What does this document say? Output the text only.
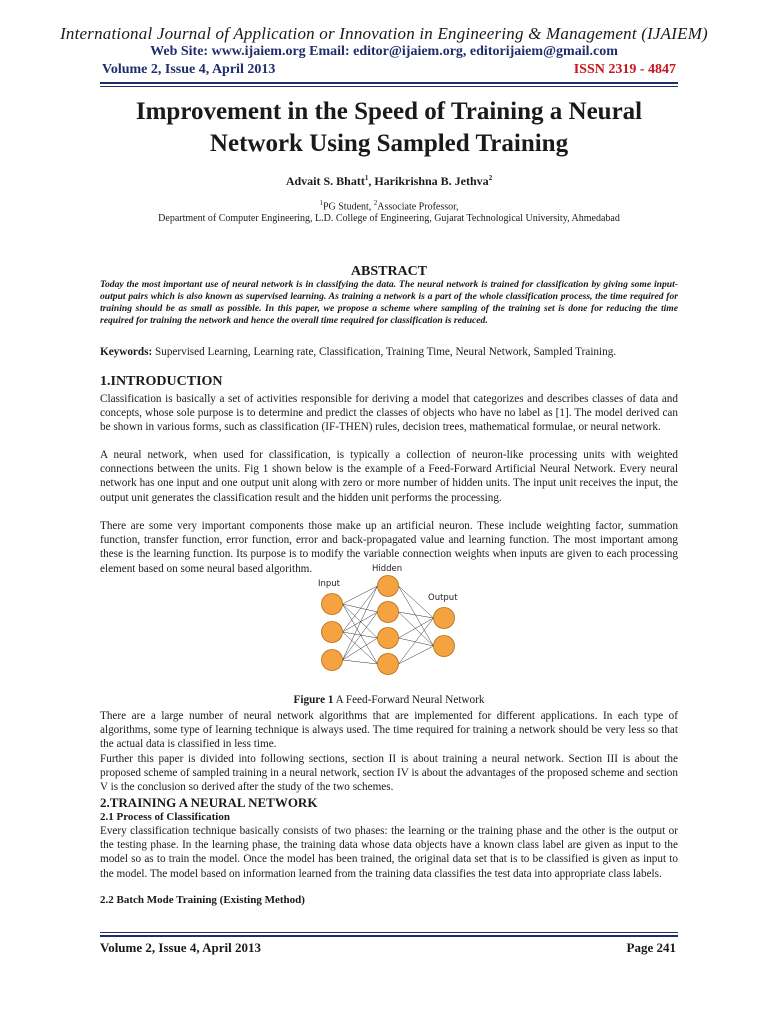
International Journal of Application or Innovation in Engineering & Management (IJAIEM)
Web Site: www.ijaiem.org Email: editor@ijaiem.org, editorijaiem@gmail.com
Volume 2, Issue 4, April 2013	ISSN 2319 - 4847
Improvement in the Speed of Training a Neural
Network Using Sampled Training
Advait S. Bhatt$^1$, Harikrishna B. Jethva$^2$
$^1$PG Student, $^2$Associate Professor,
Department of Computer Engineering, L.D. College of Engineering, Gujarat Technological University, Ahmedabad
ABSTRACT
Today the most important use of neural network is in classifying the data. The neural network is trained for classification by giving some input-output pairs which is also known as supervised learning. As training a network is a part of the whole classification process, the time required for training should be as small as possible. In this paper, we propose a scheme where sampling of the training set is done for reducing the time required for training the network and hence the overall time required for classification is reduced.
Keywords: Supervised Learning, Learning rate, Classification, Training Time, Neural Network, Sampled Training.
1.INTRODUCTION
Classification is basically a set of activities responsible for deriving a model that categorizes and describes classes of data and concepts, whose sole purpose is to determine and predict the classes of objects who have no label as [1]. The model derived can be shown in various forms, such as classification (IF-THEN) rules, decision trees, mathematical formulae, or neural network.
A neural network, when used for classification, is typically a collection of neuron-like processing units with weighted connections between the units. Fig 1 shown below is the example of a Feed-Forward Artificial Neural Network. Every neural network has one input and one output unit along with zero or more number of hidden units. The input unit receives the input, the output unit generates the classification result and the hidden unit performs the processing.
There are some very important components those make up an artificial neuron. These include weighting factor, summation function, transfer function, error function, error and back-propagated value and learning function. The most important among these is the learning function. Its purpose is to modify the variable connection weights when inputs are given to each processing element based on some neural based algorithm.
Input
Hidden
Output
Figure 1 A Feed-Forward Neural Network
There are a large number of neural network algorithms that are implemented for different applications. In each type of algorithms, some type of learning technique is always used. The time required for training a network should be very less so that the actual data is classified in less time.
Further this paper is divided into following sections, section II is about training a neural network. Section III is about the proposed scheme of sampled training in a neural network, section IV is about the advantages of the proposed scheme and section V is the conclusion so derived after the study of the two schemes.
2.TRAINING A NEURAL NETWORK
2.1 Process of Classification
Every classification technique basically consists of two phases: the learning or the training phase and the other is the output or the testing phase. In the learning phase, the training data whose data objects have a known class label are given as input to the model so as to train the model. Once the model has been trained, the original data set that is to be classified is given as input to the model. The model based on information learned from the training data classifies the test data into appropriate class labels.
2.2 Batch Mode Training (Existing Method)
Volume 2, Issue 4, April 2013	Page 241
